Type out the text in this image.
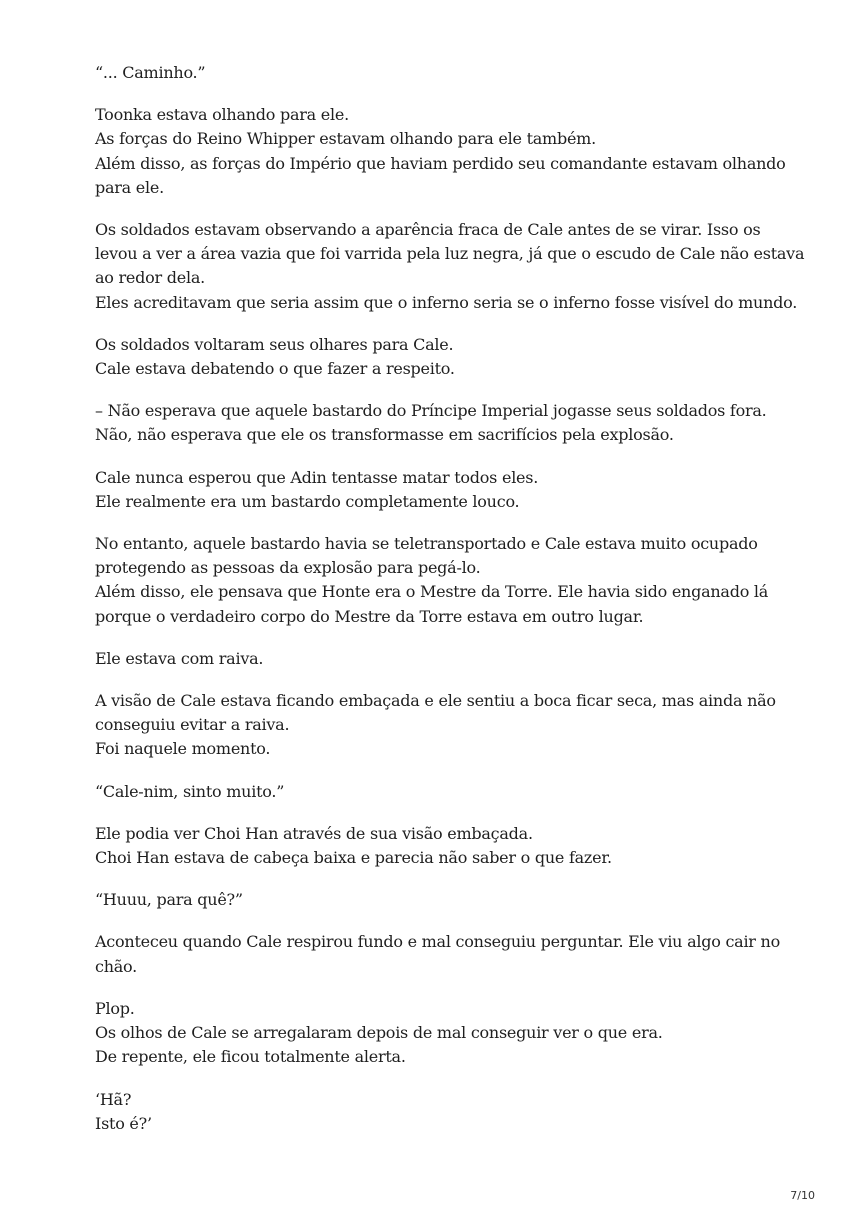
“... Caminho.”

Toonka estava olhando para ele.
As forças do Reino Whipper estavam olhando para ele também.
Além disso, as forças do Império que haviam perdido seu comandante estavam olhando
para ele.

Os soldados estavam observando a aparência fraca de Cale antes de se virar. Isso os
levou a ver a área vazia que foi varrida pela luz negra, já que o escudo de Cale não estava
ao redor dela.
Eles acreditavam que seria assim que o inferno seria se o inferno fosse visível do mundo.

Os soldados voltaram seus olhares para Cale.
Cale estava debatendo o que fazer a respeito.

– Não esperava que aquele bastardo do Príncipe Imperial jogasse seus soldados fora.
Não, não esperava que ele os transformasse em sacrifícios pela explosão.

Cale nunca esperou que Adin tentasse matar todos eles.
Ele realmente era um bastardo completamente louco.

No entanto, aquele bastardo havia se teletransportado e Cale estava muito ocupado
protegendo as pessoas da explosão para pegá-lo.
Além disso, ele pensava que Honte era o Mestre da Torre. Ele havia sido enganado lá
porque o verdadeiro corpo do Mestre da Torre estava em outro lugar.

Ele estava com raiva.

A visão de Cale estava ficando embaçada e ele sentiu a boca ficar seca, mas ainda não
conseguiu evitar a raiva.
Foi naquele momento.

“Cale-nim, sinto muito.”

Ele podia ver Choi Han através de sua visão embaçada.
Choi Han estava de cabeça baixa e parecia não saber o que fazer.

“Huuu, para quê?”

Aconteceu quando Cale respirou fundo e mal conseguiu perguntar. Ele viu algo cair no
chão.

Plop.
Os olhos de Cale se arregalaram depois de mal conseguir ver o que era.
De repente, ele ficou totalmente alerta.

‘Hã?
Isto é?’

7/10
